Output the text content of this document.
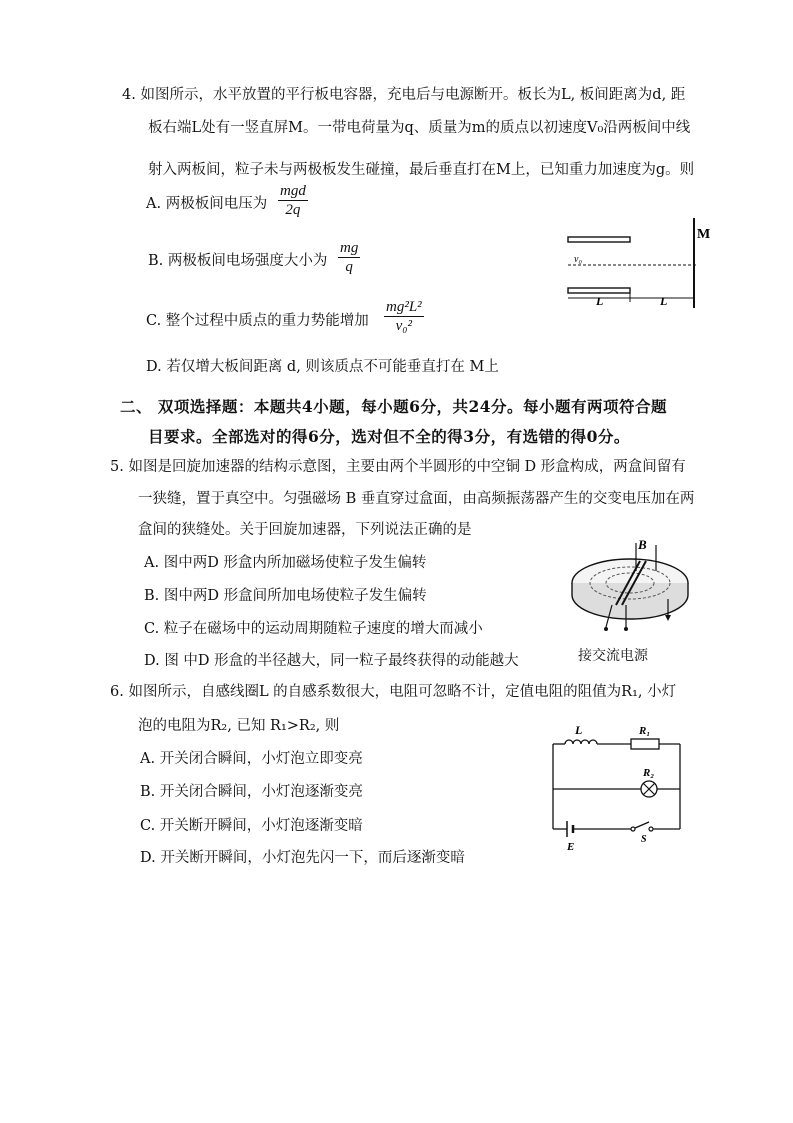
4. 如图所示，水平放置的平行板电容器，充电后与电源断开。板长为L, 板间距离为d, 距
板右端L处有一竖直屏M。一带电荷量为q、质量为m的质点以初速度V₀沿两板间中线
射入两板间，粒子未与两极板发生碰撞，最后垂直打在M上，已知重力加速度为g。则
A. 两极板间电压为
mgd
2q
B. 两极板间电场强度大小为 $\frac{mg}{q}$
C. 整个过程中质点的重力势能增加 $\frac{\text{mg²L²}}{\text{v₀²}}$
D. 若仅增大板间距离 d, 则该质点不可能垂直打在 M上
M
v₀
L	L
二、 双项选择题：本题共4小题，每小题6分，共24分。每小题有两项符合题
目要求。全部选对的得6分，选对但不全的得3分，有选错的得0分。
5. 如图是回旋加速器的结构示意图，主要由两个半圆形的中空铜 D 形盒构成，两盒间留有
一狭缝，置于真空中。匀强磁场 B 垂直穿过盒面，由高频振荡器产生的交变电压加在两
盒间的狭缝处。关于回旋加速器，下列说法正确的是
A. 图中两D 形盒内所加磁场使粒子发生偏转
B. 图中两D 形盒间所加电场使粒子发生偏转
C. 粒子在磁场中的运动周期随粒子速度的增大而减小
D. 图 中D 形盒的半径越大，同一粒子最终获得的动能越大
B
接交流电源
6. 如图所示，自感线圈L 的自感系数很大，电阻可忽略不计，定值电阻的阻值为R₁, 小灯
泡的电阻为R₂, 已知 R₁>R₂, 则
A. 开关闭合瞬间，小灯泡立即变亮
B. 开关闭合瞬间，小灯泡逐渐变亮
C. 开关断开瞬间，小灯泡逐渐变暗
D. 开关断开瞬间，小灯泡先闪一下，而后逐渐变暗
L	R₁
R₂
E
S
